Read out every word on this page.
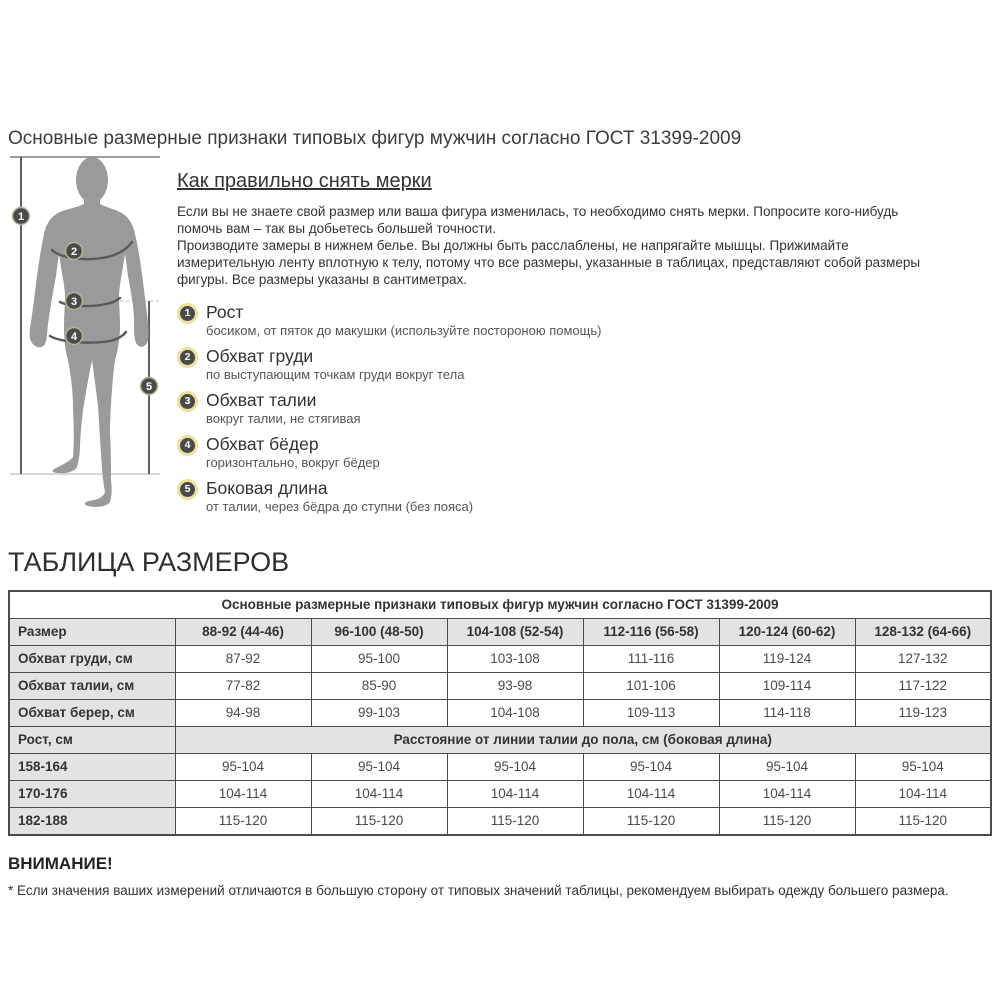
Основные размерные признаки типовых фигур мужчин согласно ГОСТ 31399-2009
1
2
3
4
5
Как правильно снять мерки

Если вы не знаете свой размер или ваша фигура изменилась, то необходимо снять мерки. Попросите кого-нибудь помочь вам – так вы добьетесь большей точности.

Производите замеры в нижнем белье. Вы должны быть расслаблены, не напрягайте мышцы. Прижимайте измерительную ленту вплотную к телу, потому что все размеры, указанные в таблицах, представляют собой размеры фигуры. Все размеры указаны в сантиметрах.

1 Рост
босиком, от пяток до макушки (используйте постороною помощь)
2 Обхват груди
по выступающим точкам груди вокруг тела
3 Обхват талии
вокруг талии, не стягивая
4 Обхват бёдер
горизонтально, вокруг бёдер
5 Боковая длина
от талии, через бёдра до ступни (без пояса)
ТАБЛИЦА РАЗМЕРОВ
Основные размерные признаки типовых фигур мужчин согласно ГОСТ 31399-2009						
Размер	88-92 (44-46)	96-100 (48-50)	104-108 (52-54)	112-116 (56-58)	120-124 (60-62)	128-132 (64-66)
Обхват груди, см	87-92	95-100	103-108	111-116	119-124	127-132
Обхват талии, см	77-82	85-90	93-98	101-106	109-114	117-122
Обхват берер, см	94-98	99-103	104-108	109-113	114-118	119-123
Рост, см	Расстояние от линии талии до пола, см (боковая длина)					
158-164	95-104	95-104	95-104	95-104	95-104	95-104
170-176	104-114	104-114	104-114	104-114	104-114	104-114
182-188	115-120	115-120	115-120	115-120	115-120	115-120
ВНИМАНИЕ!
* Если значения ваших измерений отличаются в большую сторону от типовых значений таблицы, рекомендуем выбирать одежду большего размера.
